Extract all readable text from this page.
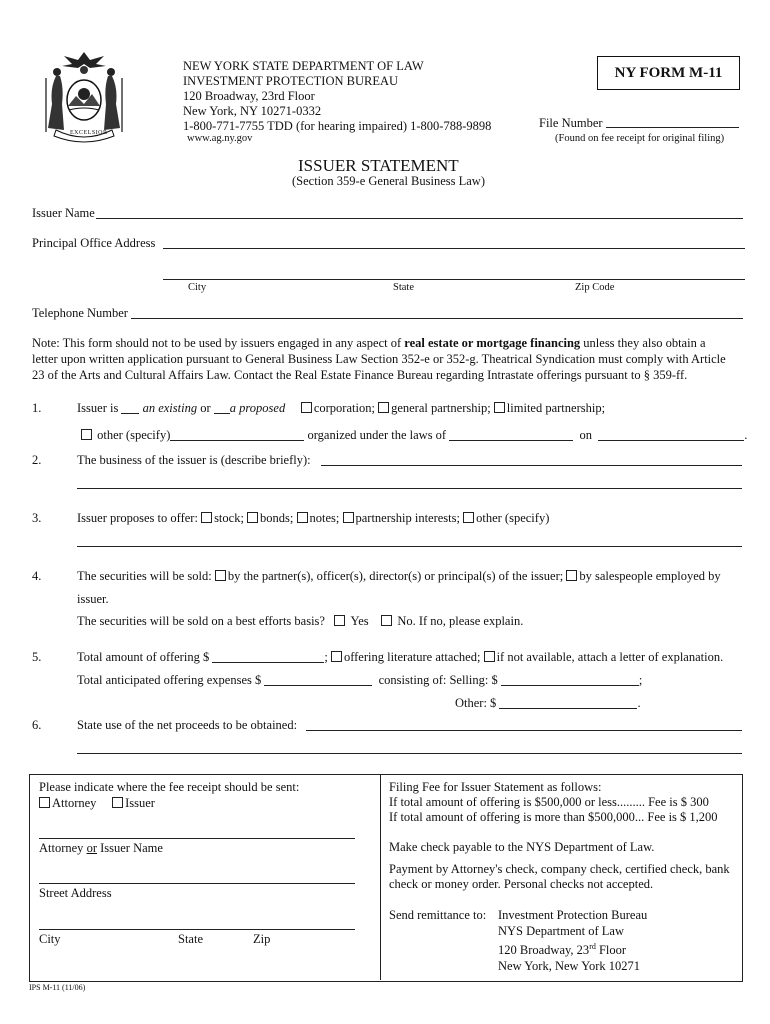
EXCELSIOR
NEW YORK STATE DEPARTMENT OF LAW
INVESTMENT PROTECTION BUREAU
120 Broadway, 23rd Floor
New York, NY 10271-0332
1-800-771-7755 TDD (for hearing impaired) 1-800-788-9898
www.ag.ny.gov
NY FORM M-11
File Number
(Found on fee receipt for original filing)
ISSUER STATEMENT
(Section 359-e General Business Law)
Issuer Name
Principal Office Address
City	State	Zip Code
Telephone Number
Note: This form should not to be used by issuers engaged in any aspect of real estate or mortgage financing unless they also obtain a
letter upon written application pursuant to General Business Law Section 352-e or 352-g. Theatrical Syndication must comply with Article
23 of the Arts and Cultural Affairs Law. Contact the Real Estate Finance Bureau regarding Intrastate offerings pursuant to § 359-ff.
1.	Issuer is an existing or a proposed corporation; general partnership; limited partnership;
other (specify)	organized under the laws of	on	.
2.	The business of the issuer is (describe briefly):
3.	Issuer proposes to offer: stock; bonds; notes; partnership interests; other (specify)
4.	The securities will be sold: by the partner(s), officer(s), director(s) or principal(s) of the issuer; by salespeople employed by
issuer.
The securities will be sold on a best efforts basis? Yes No. If no, please explain.
5.	Total amount of offering $	; offering literature attached; if not available, attach a letter of explanation.
Total anticipated offering expenses $	consisting of: Selling: $	;
Other: $	.
6.	State use of the net proceeds to be obtained:
Please indicate where the fee receipt should be sent:
Attorney Issuer
Attorney or Issuer Name
Street Address
City	State	Zip
Filing Fee for Issuer Statement as follows:
If total amount of offering is $500,000 or less......... Fee is $ 300
If total amount of offering is more than $500,000... Fee is $ 1,200
Make check payable to the NYS Department of Law.
Payment by Attorney's check, company check, certified check, bank
check or money order. Personal checks not accepted.
Send remittance to: Investment Protection Bureau
NYS Department of Law
120 Broadway, 23rd Floor
New York, New York 10271
IPS M-11 (11/06)
